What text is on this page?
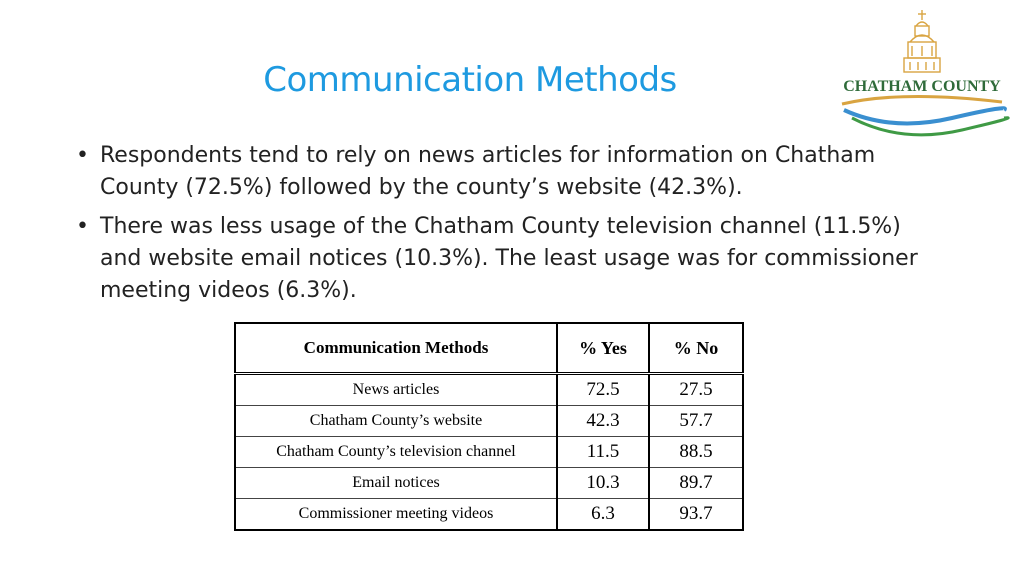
Communication Methods	CHATHAM COUNTY
• Respondents tend to rely on news articles for information on Chatham County (72.5%) followed by the county’s website (42.3%).
• There was less usage of the Chatham County television channel (11.5%) and website email notices (10.3%). The least usage was for commissioner meeting videos (6.3%).
Communication Methods	% Yes	% No
News articles	72.5	27.5
Chatham County’s website	42.3	57.7
Chatham County’s television channel	11.5	88.5
Email notices	10.3	89.7
Commissioner meeting videos	6.3	93.7
